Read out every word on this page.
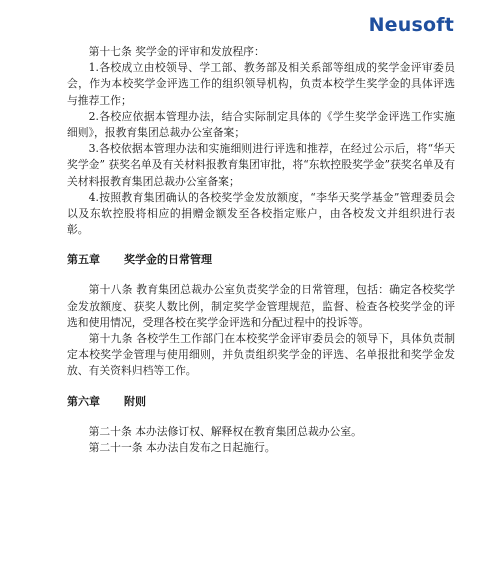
Neusoft

第十七条 奖学金的评审和发放程序：

1.各校成立由校领导、学工部、教务部及相关系部等组成的奖学金评审委员会，作为本校奖学金评选工作的组织领导机构，负责本校学生奖学金的具体评选与推荐工作；

2.各校应依据本管理办法，结合实际制定具体的《学生奖学金评选工作实施细则》，报教育集团总裁办公室备案；

3.各校依据本管理办法和实施细则进行评选和推荐，在经过公示后，将“华天奖学金” 获奖名单及有关材料报教育集团审批，将“东软控股奖学金”获奖名单及有关材料报教育集团总裁办公室备案；

4.按照教育集团确认的各校奖学金发放额度，“李华天奖学基金”管理委员会以及东软控股将相应的捐赠金额发至各校指定账户，由各校发文并组织进行表彰。

第五章 奖学金的日常管理

第十八条 教育集团总裁办公室负责奖学金的日常管理，包括：确定各校奖学金发放额度、获奖人数比例，制定奖学金管理规范，监督、检查各校奖学金的评选和使用情况，受理各校在奖学金评选和分配过程中的投诉等。

第十九条 各校学生工作部门在本校奖学金评审委员会的领导下，具体负责制定本校奖学金管理与使用细则，并负责组织奖学金的评选、名单报批和奖学金发放、有关资料归档等工作。

第六章 附则

第二十条 本办法修订权、解释权在教育集团总裁办公室。

第二十一条 本办法自发布之日起施行。
